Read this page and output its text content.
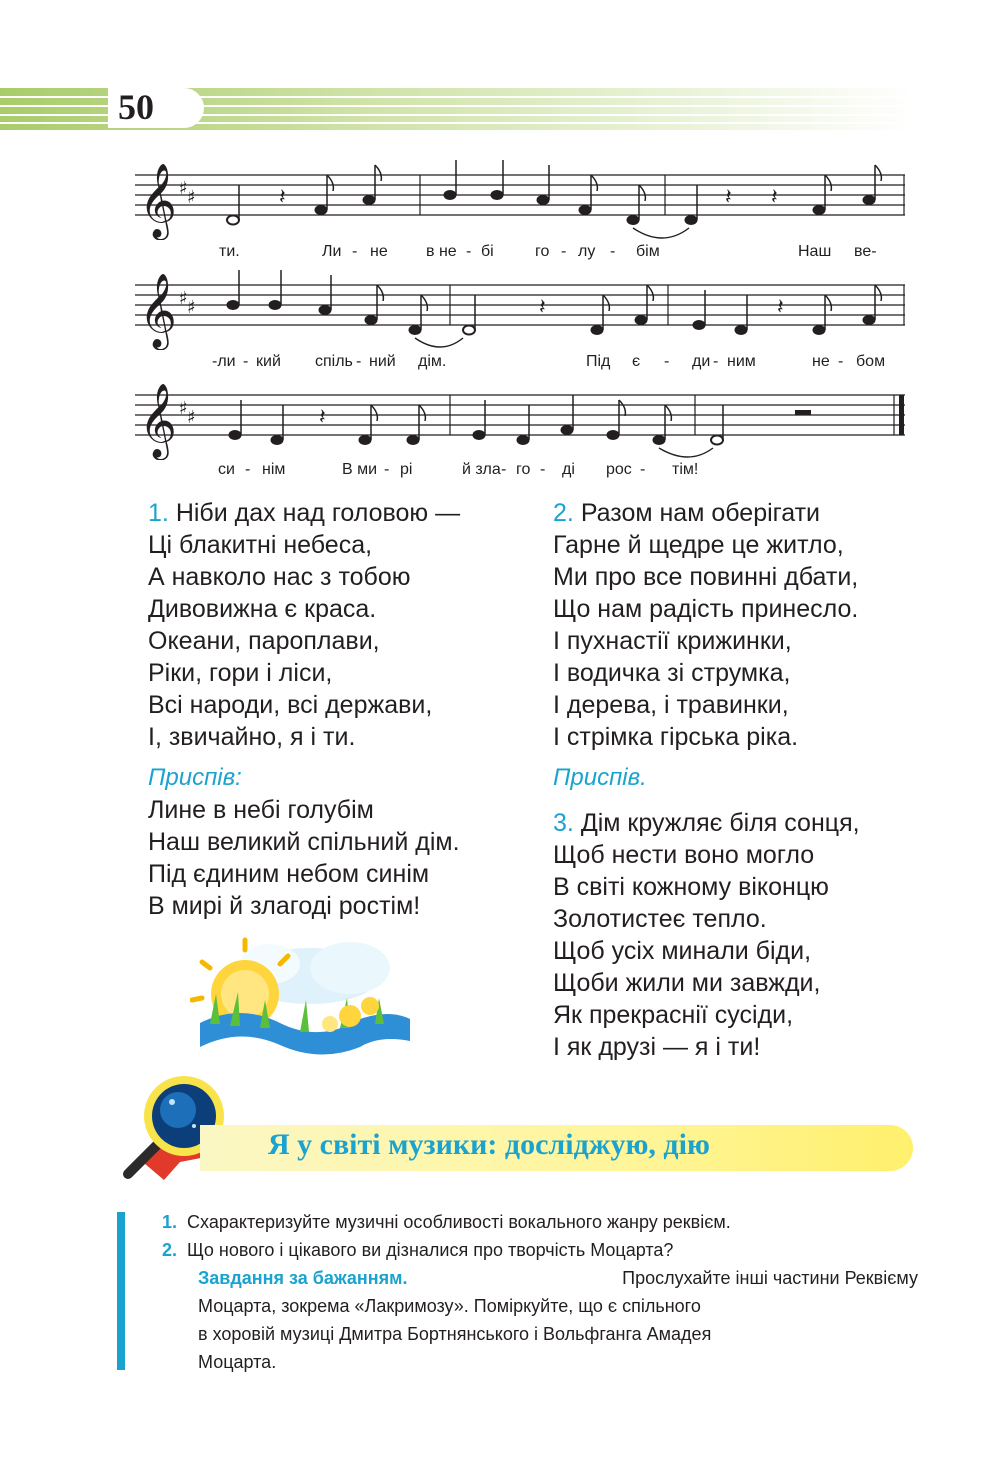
50
𝄞 ♯ ♯	𝄽	𝄽 𝄽
ти.	Ли - не в не - бі	го - лу - бім	Наш ве-
𝄞 ♯ ♯	𝄽	𝄽
-ли - кий спіль - ний дім.	Під є - ди - ним	не - бом
𝄞 ♯ ♯	𝄽
си - нім	В ми - рі	й зла - го - ді рос - тім!
1. Ніби дах над головою —
Ці блакитні небеса,
А навколо нас з тобою
Дивовижна є краса.
Океани, пароплави,
Ріки, гори і ліси,
Всі народи, всі держави,
І, звичайно, я і ти.
Приспів:
Лине в небі голубім
Наш великий спільний дім.
Під єдиним небом синім
В мирі й злагоді ростім!
2. Разом нам оберігати
Гарне й щедре це житло,
Ми про все повинні дбати,
Що нам радість принесло.
І пухнастії крижинки,
І водичка зі струмка,
І дерева, і травинки,
І стрімка гірська ріка.
Приспів.
3. Дім кружляє біля сонця,
Щоб нести воно могло
В світі кожному віконцю
Золотистеє тепло.
Щоб усіх минали біди,
Щоби жили ми завжди,
Як прекраснії сусіди,
І як друзі — я і ти!
Я у світі музики: досліджую, дію
1. Схарактеризуйте музичні особливості вокального жанру реквієм.
2. Що нового і цікавого ви дізналися про творчість Моцарта?
Завдання за бажанням.	Прослухайте інші частини Реквієму
Моцарта, зокрема «Лакримозу». Поміркуйте, що є спільного
в хоровій музиці Дмитра Бортнянського і Вольфганга Амадея
Моцарта.
